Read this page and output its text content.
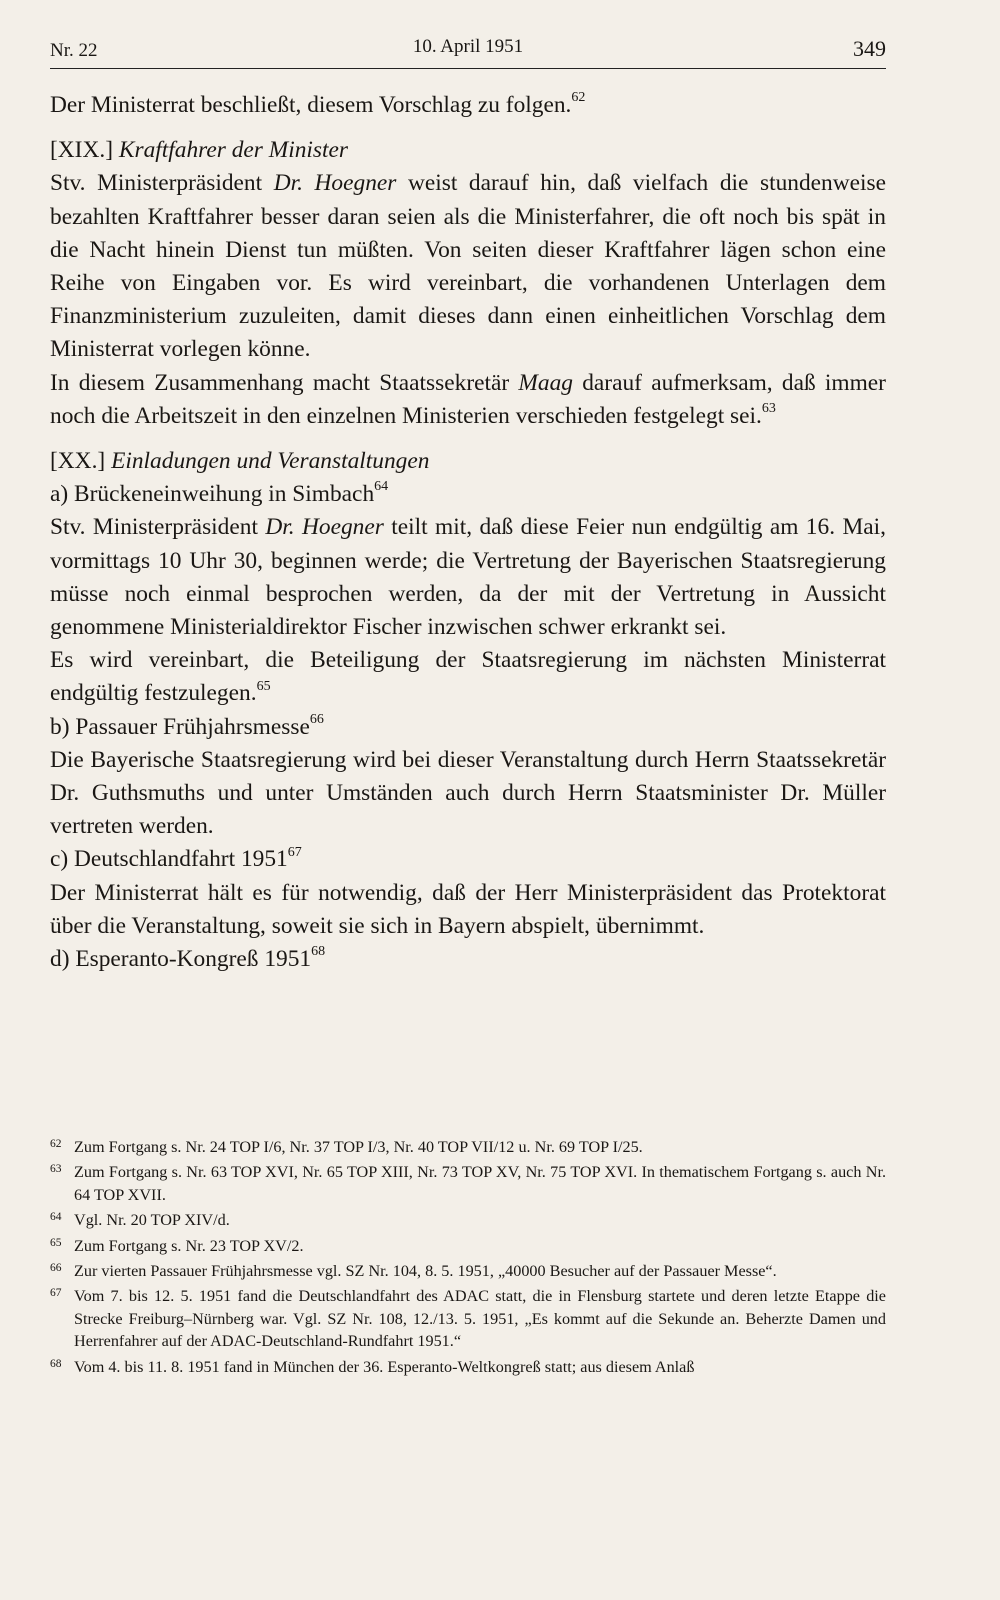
Nr. 22	10. April 1951	349

Der Ministerrat beschließt, diesem Vorschlag zu folgen.$^{62}$

[XIX.] Kraftfahrer der Minister

Stv. Ministerpräsident Dr. Hoegner weist darauf hin, daß vielfach die stundenweise bezahlten Kraftfahrer besser daran seien als die Ministerfahrer, die oft noch bis spät in die Nacht hinein Dienst tun müßten. Von seiten dieser Kraftfahrer lägen schon eine Reihe von Eingaben vor. Es wird vereinbart, die vorhandenen Unterlagen dem Finanzministerium zuzuleiten, damit dieses dann einen einheitlichen Vorschlag dem Ministerrat vorlegen könne.

In diesem Zusammenhang macht Staatssekretär Maag darauf aufmerksam, daß immer noch die Arbeitszeit in den einzelnen Ministerien verschieden festgelegt sei.$^{63}$

[XX.] Einladungen und Veranstaltungen

a) Brückeneinweihung in Simbach$^{64}$

Stv. Ministerpräsident Dr. Hoegner teilt mit, daß diese Feier nun endgültig am 16. Mai, vormittags 10 Uhr 30, beginnen werde; die Vertretung der Bayerischen Staatsregierung müsse noch einmal besprochen werden, da der mit der Vertretung in Aussicht genommene Ministerialdirektor Fischer inzwischen schwer erkrankt sei.

Es wird vereinbart, die Beteiligung der Staatsregierung im nächsten Ministerrat endgültig festzulegen.$^{65}$

b) Passauer Frühjahrsmesse$^{66}$

Die Bayerische Staatsregierung wird bei dieser Veranstaltung durch Herrn Staatssekretär Dr. Guthsmuths und unter Umständen auch durch Herrn Staatsminister Dr. Müller vertreten werden.

c) Deutschlandfahrt 1951$^{67}$

Der Ministerrat hält es für notwendig, daß der Herr Ministerpräsident das Protektorat über die Veranstaltung, soweit sie sich in Bayern abspielt, übernimmt.

d) Esperanto-Kongreß 1951$^{68}$

62 Zum Fortgang s. Nr. 24 TOP I/6, Nr. 37 TOP I/3, Nr. 40 TOP VII/12 u. Nr. 69 TOP I/25.
63 Zum Fortgang s. Nr. 63 TOP XVI, Nr. 65 TOP XIII, Nr. 73 TOP XV, Nr. 75 TOP XVI. In thematischem Fortgang s. auch Nr. 64 TOP XVII.
64 Vgl. Nr. 20 TOP XIV/d.
65 Zum Fortgang s. Nr. 23 TOP XV/2.
66 Zur vierten Passauer Frühjahrsmesse vgl. SZ Nr. 104, 8. 5. 1951, „40000 Besucher auf der Passauer Messe“.
67 Vom 7. bis 12. 5. 1951 fand die Deutschlandfahrt des ADAC statt, die in Flensburg startete und deren letzte Etappe die Strecke Freiburg–Nürnberg war. Vgl. SZ Nr. 108, 12./13. 5. 1951, „Es kommt auf die Sekunde an. Beherzte Damen und Herrenfahrer auf der ADAC-Deutschland-Rundfahrt 1951.“
68 Vom 4. bis 11. 8. 1951 fand in München der 36. Esperanto-Weltkongreß statt; aus diesem Anlaß
